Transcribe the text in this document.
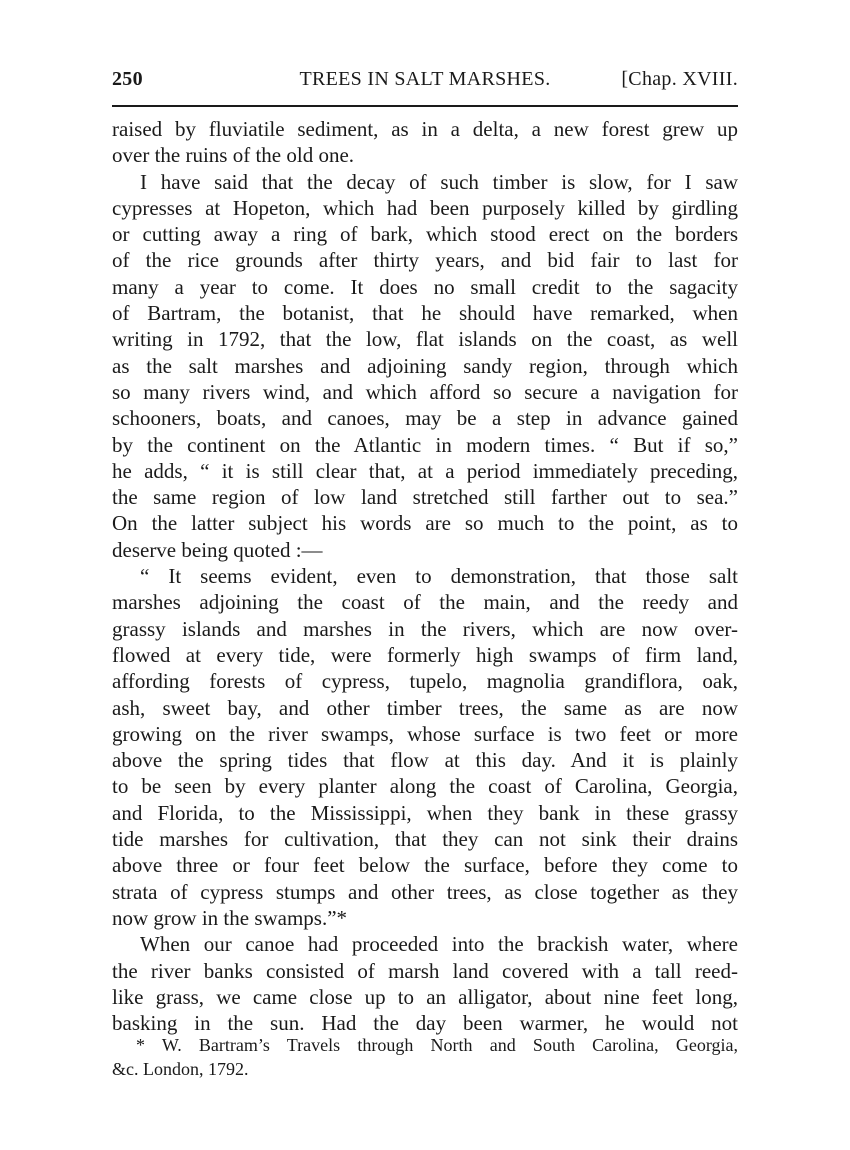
250	TREES IN SALT MARSHES.	[Chap. XVIII.
raised by fluviatile sediment, as in a delta, a new forest grew up
over the ruins of the old one.
I have said that the decay of such timber is slow, for I saw
cypresses at Hopeton, which had been purposely killed by girdling
or cutting away a ring of bark, which stood erect on the borders
of the rice grounds after thirty years, and bid fair to last for
many a year to come. It does no small credit to the sagacity
of Bartram, the botanist, that he should have remarked, when
writing in 1792, that the low, flat islands on the coast, as well
as the salt marshes and adjoining sandy region, through which
so many rivers wind, and which afford so secure a navigation for
schooners, boats, and canoes, may be a step in advance gained
by the continent on the Atlantic in modern times. “ But if so,”
he adds, “ it is still clear that, at a period immediately preceding,
the same region of low land stretched still farther out to sea.”
On the latter subject his words are so much to the point, as to
deserve being quoted :—
“ It seems evident, even to demonstration, that those salt
marshes adjoining the coast of the main, and the reedy and
grassy islands and marshes in the rivers, which are now over-
flowed at every tide, were formerly high swamps of firm land,
affording forests of cypress, tupelo, magnolia grandiflora, oak,
ash, sweet bay, and other timber trees, the same as are now
growing on the river swamps, whose surface is two feet or more
above the spring tides that flow at this day. And it is plainly
to be seen by every planter along the coast of Carolina, Georgia,
and Florida, to the Mississippi, when they bank in these grassy
tide marshes for cultivation, that they can not sink their drains
above three or four feet below the surface, before they come to
strata of cypress stumps and other trees, as close together as they
now grow in the swamps.”*
When our canoe had proceeded into the brackish water, where
the river banks consisted of marsh land covered with a tall reed-
like grass, we came close up to an alligator, about nine feet long,
basking in the sun. Had the day been warmer, he would not
* W. Bartram’s Travels through North and South Carolina, Georgia,
&c. London, 1792.
